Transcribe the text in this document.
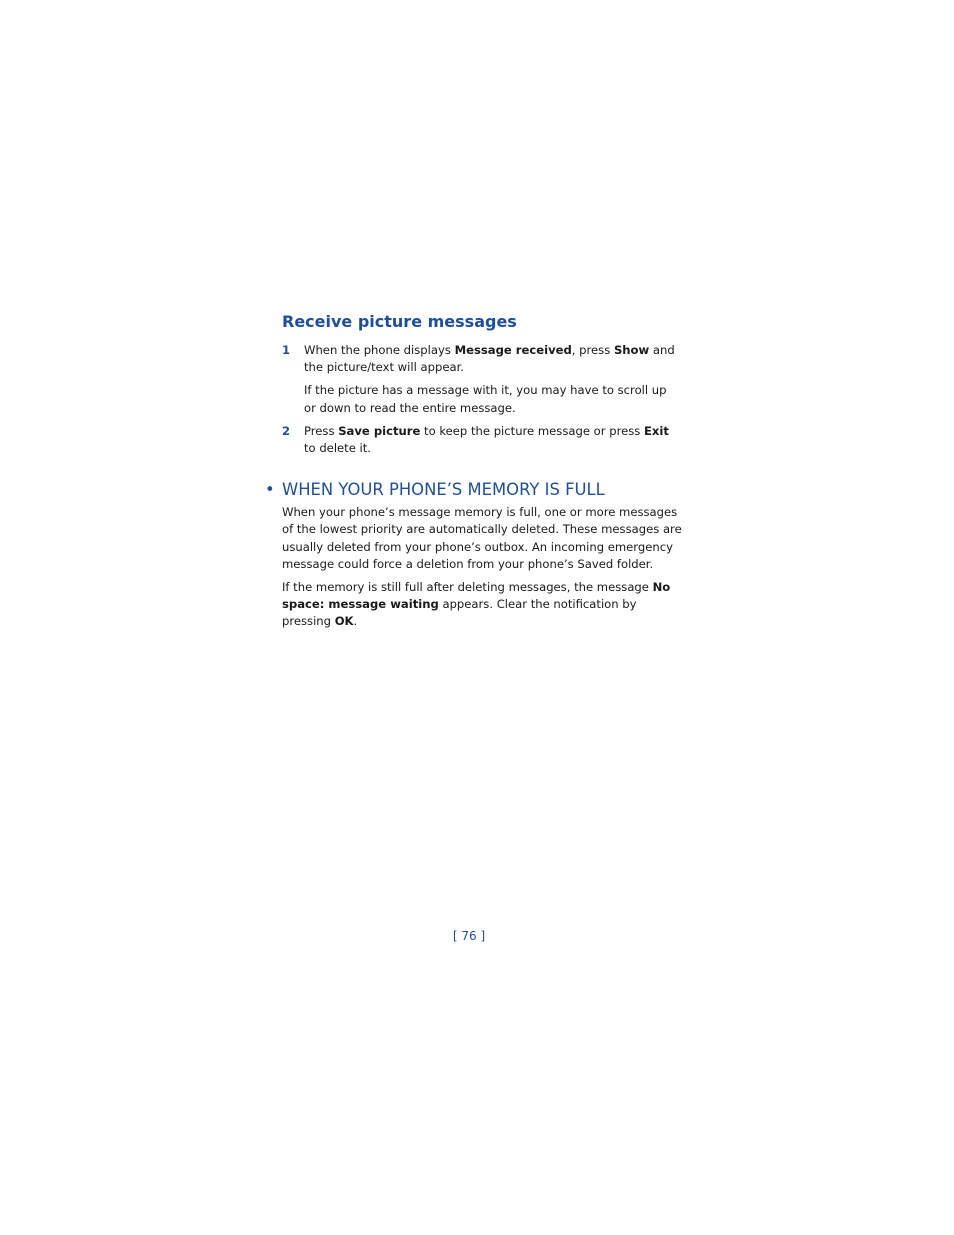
Receive picture messages
1 When the phone displays Message received, press Show and the picture/text will appear.
If the picture has a message with it, you may have to scroll up or down to read the entire message.
2 Press Save picture to keep the picture message or press Exit to delete it.
• WHEN YOUR PHONE’S MEMORY IS FULL
When your phone’s message memory is full, one or more messages of the lowest priority are automatically deleted. These messages are usually deleted from your phone’s outbox. An incoming emergency message could force a deletion from your phone’s Saved folder.
If the memory is still full after deleting messages, the message No space: message waiting appears. Clear the notification by pressing OK.
[ 76 ]
